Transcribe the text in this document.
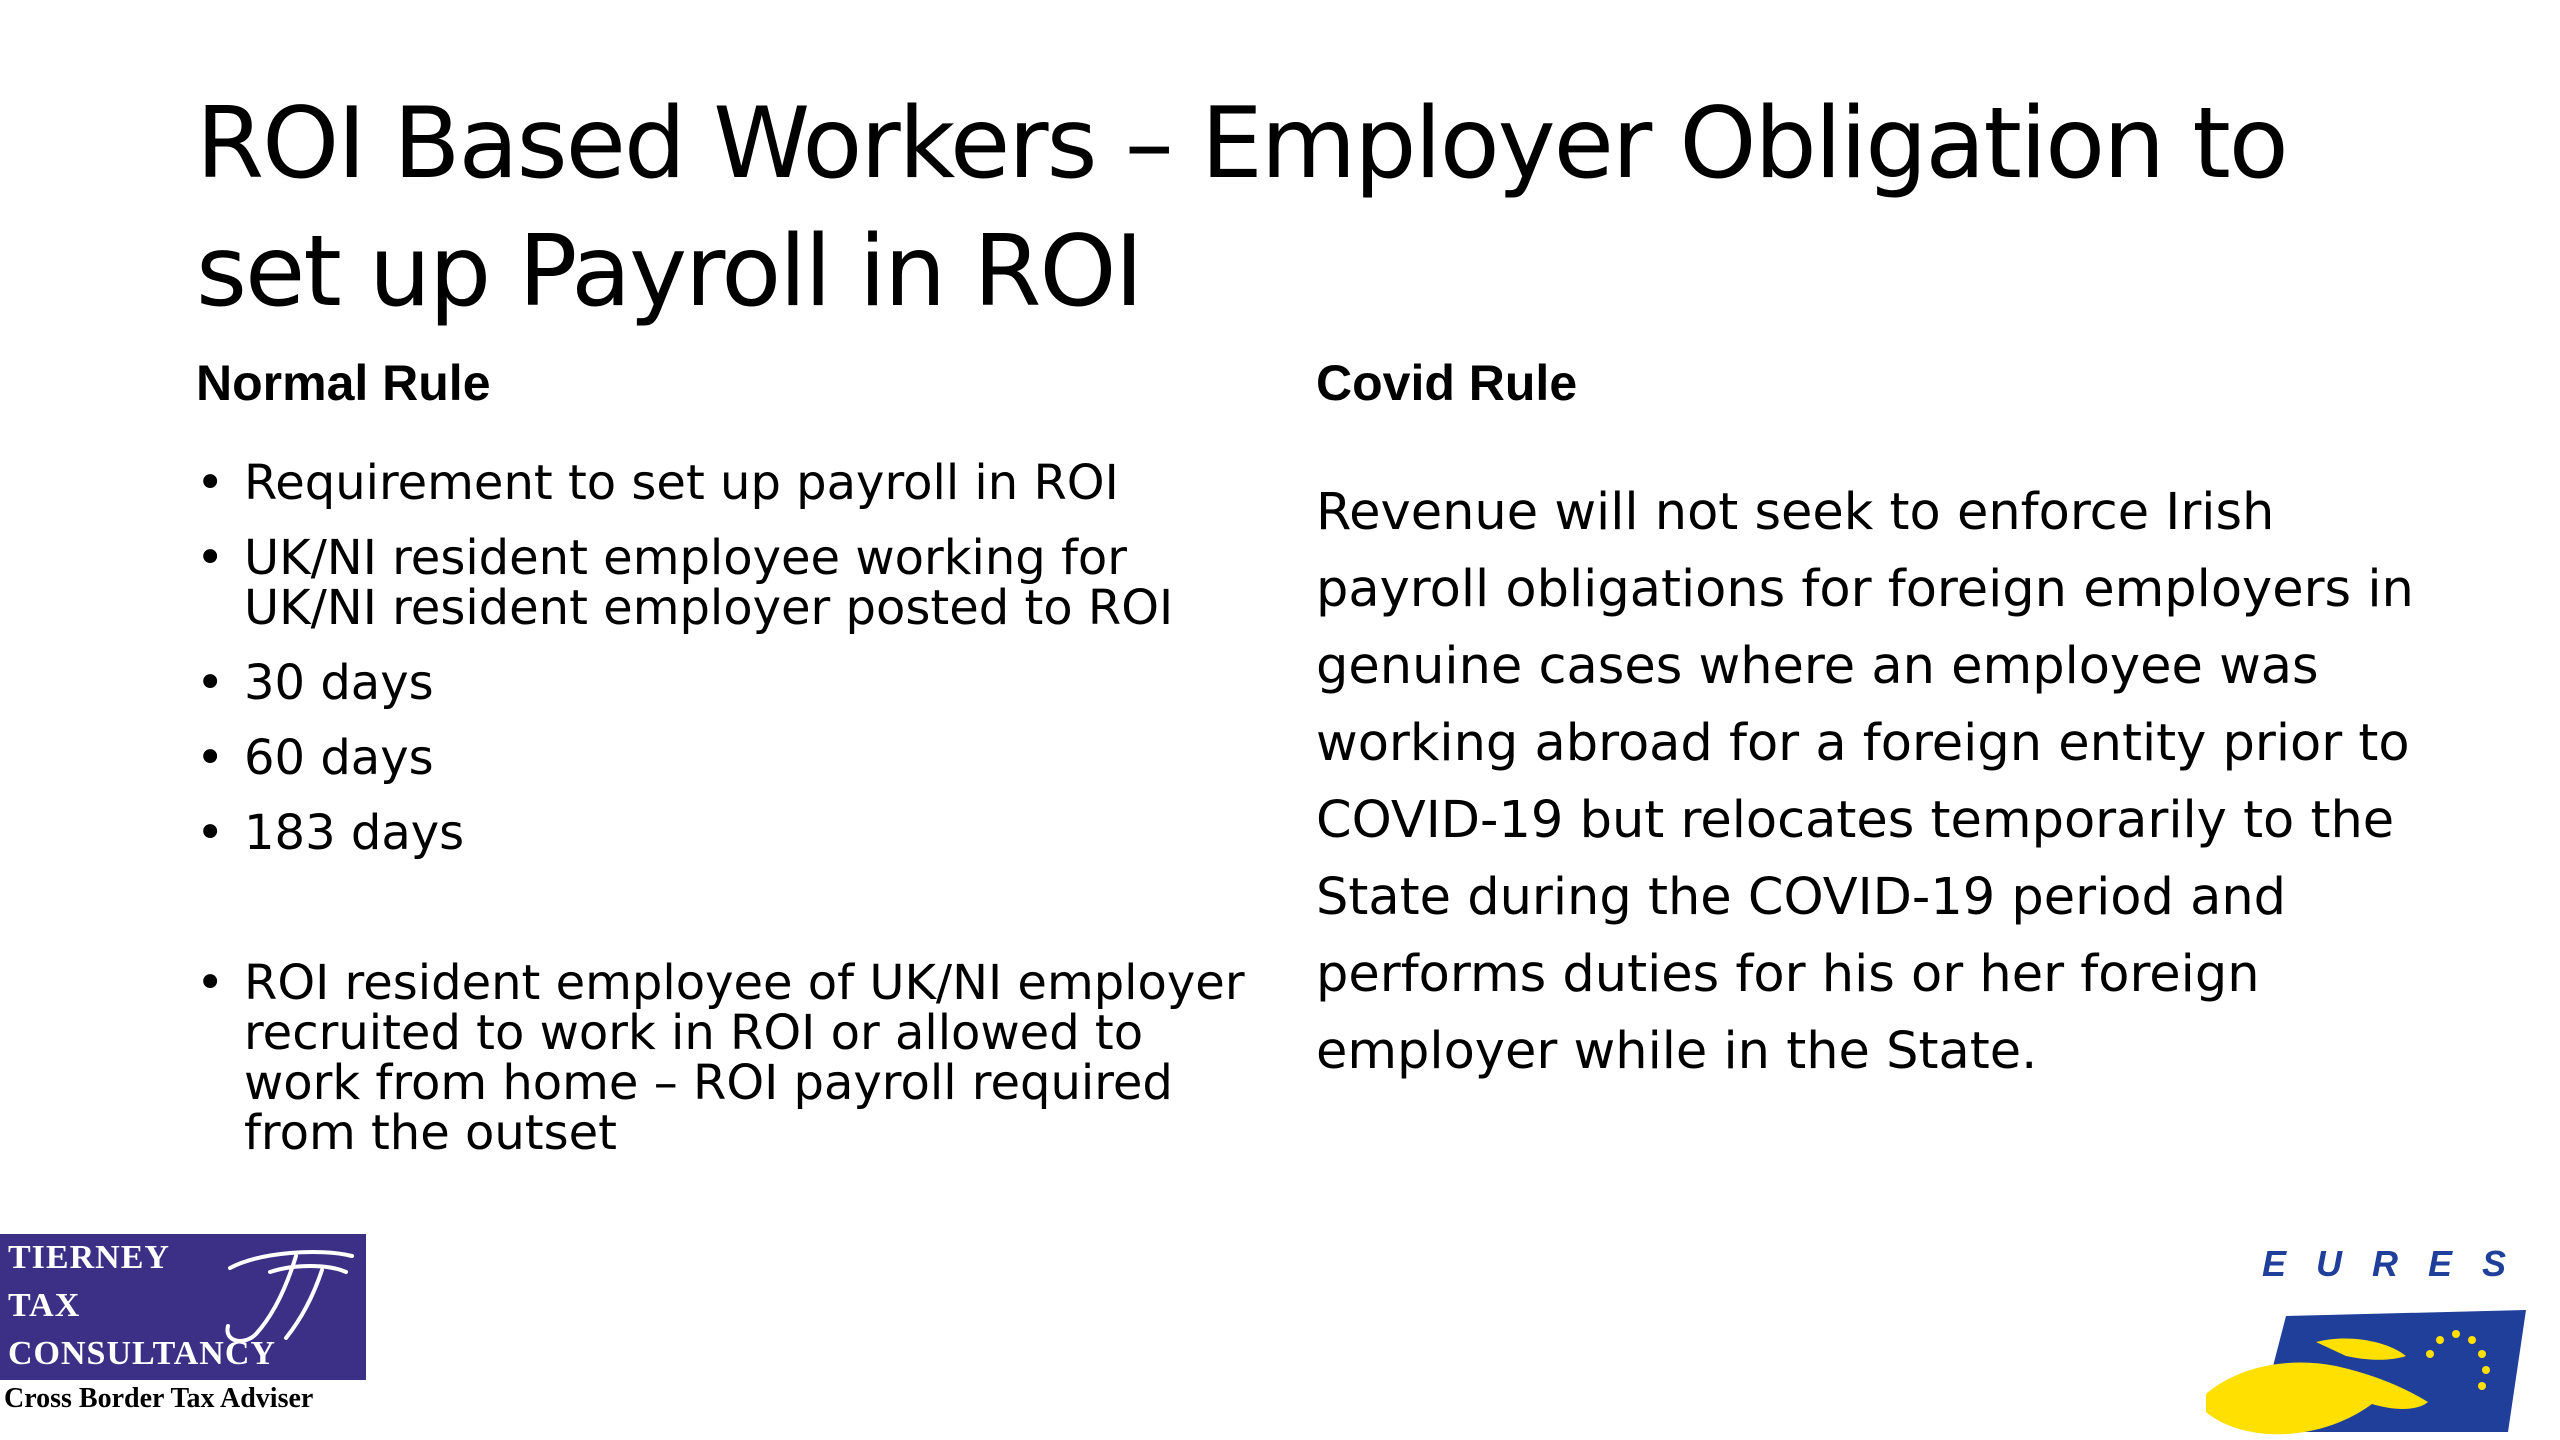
ROI Based Workers – Employer Obligation to set up Payroll in ROI
Normal Rule
• Requirement to set up payroll in ROI
• UK/NI resident employee working for UK/NI resident employer posted to ROI
• 30 days
• 60 days
• 183 days
• ROI resident employee of UK/NI employer recruited to work in ROI or allowed to work from home – ROI payroll required from the outset
Covid Rule

Revenue will not seek to enforce Irish payroll obligations for foreign employers in genuine cases where an employee was working abroad for a foreign entity prior to COVID-19 but relocates temporarily to the State during the COVID-19 period and performs duties for his or her foreign employer while in the State.

TIERNEY
TAX
CONSULTANCY
Cross Border Tax Adviser
EURES
